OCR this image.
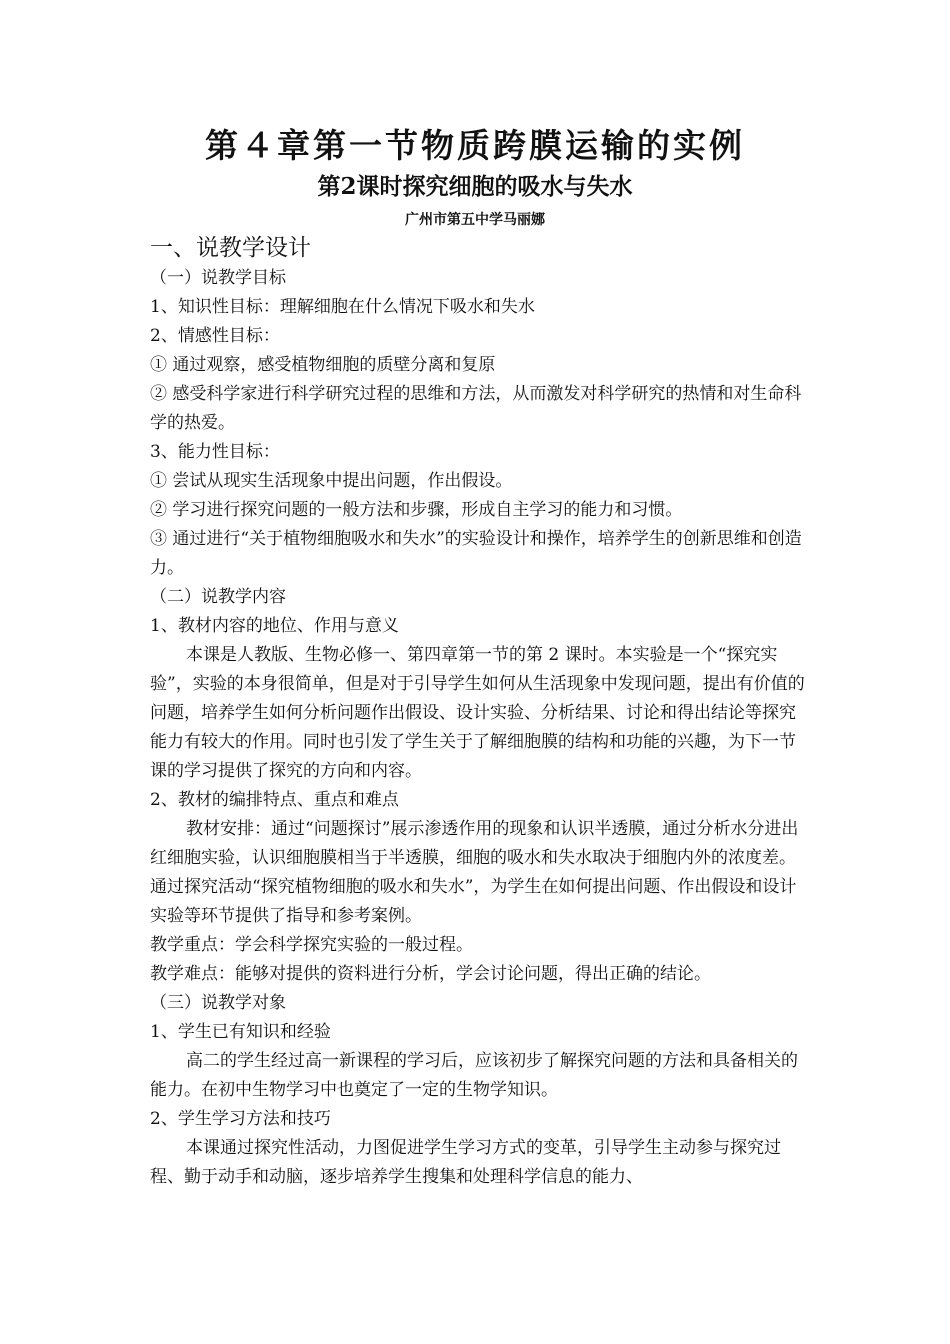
第４章第一节物质跨膜运输的实例
第2课时探究细胞的吸水与失水
广州市第五中学马丽娜

一、说教学设计

（一）说教学目标

1、知识性目标：理解细胞在什么情况下吸水和失水

2、情感性目标：

① 通过观察，感受植物细胞的质壁分离和复原

② 感受科学家进行科学研究过程的思维和方法，从而激发对科学研究的热情和对生命科学的热爱。

3、能力性目标：

① 尝试从现实生活现象中提出问题，作出假设。

② 学习进行探究问题的一般方法和步骤，形成自主学习的能力和习惯。

③ 通过进行“关于植物细胞吸水和失水”的实验设计和操作，培养学生的创新思维和创造力。

（二）说教学内容

1、教材内容的地位、作用与意义

本课是人教版、生物必修一、第四章第一节的第 2 课时。本实验是一个“探究实验”，实验的本身很简单，但是对于引导学生如何从生活现象中发现问题，提出有价值的问题，培养学生如何分析问题作出假设、设计实验、分析结果、讨论和得出结论等探究能力有较大的作用。同时也引发了学生关于了解细胞膜的结构和功能的兴趣，为下一节课的学习提供了探究的方向和内容。

2、教材的编排特点、重点和难点

教材安排：通过“问题探讨”展示渗透作用的现象和认识半透膜，通过分析水分进出红细胞实验，认识细胞膜相当于半透膜，细胞的吸水和失水取决于细胞内外的浓度差。通过探究活动“探究植物细胞的吸水和失水”，为学生在如何提出问题、作出假设和设计实验等环节提供了指导和参考案例。

教学重点：学会科学探究实验的一般过程。

教学难点：能够对提供的资料进行分析，学会讨论问题，得出正确的结论。

（三）说教学对象

1、学生已有知识和经验

高二的学生经过高一新课程的学习后，应该初步了解探究问题的方法和具备相关的能力。在初中生物学习中也奠定了一定的生物学知识。

2、学生学习方法和技巧

本课通过探究性活动，力图促进学生学习方式的变革，引导学生主动参与探究过程、勤于动手和动脑，逐步培养学生搜集和处理科学信息的能力、
